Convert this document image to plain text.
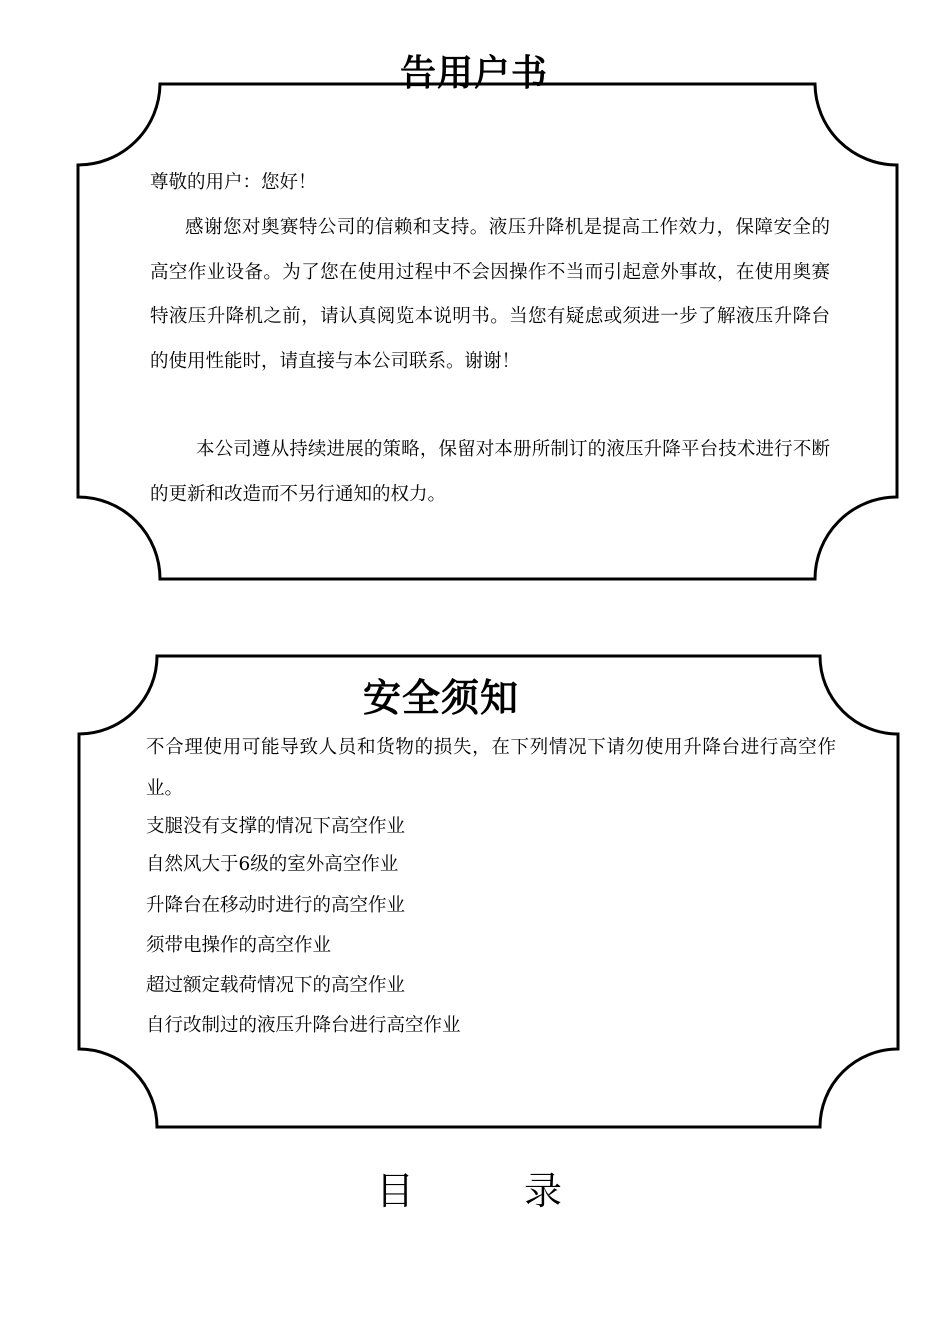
告用户书

尊敬的用户：您好！

感谢您对奥赛特公司的信赖和支持。液压升降机是提高工作效力，保障安全的高空作业设备。为了您在使用过程中不会因操作不当而引起意外事故，在使用奥赛特液压升降机之前，请认真阅览本说明书。当您有疑虑或须进一步了解液压升降台的使用性能时，请直接与本公司联系。谢谢！

本公司遵从持续进展的策略，保留对本册所制订的液压升降平台技术进行不断的更新和改造而不另行通知的权力。

安全须知

不合理使用可能导致人员和货物的损失，在下列情况下请勿使用升降台进行高空作业。

支腿没有支撑的情况下高空作业
自然风大于6级的室外高空作业
升降台在移动时进行的高空作业
须带电操作的高空作业
超过额定载荷情况下的高空作业
自行改制过的液压升降台进行高空作业
目	录
